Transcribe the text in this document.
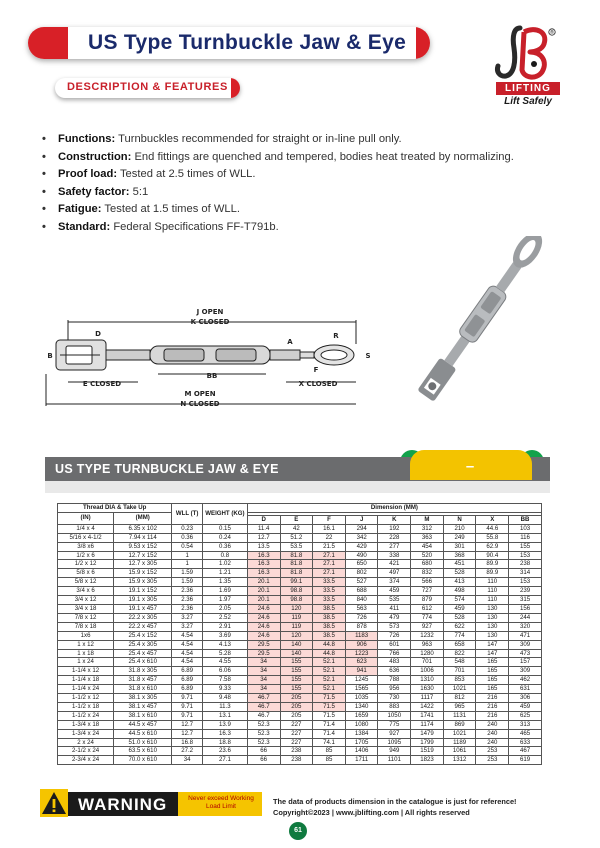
US Type Turnbuckle Jaw & Eye	®
LIFTING
Lift Safely
DESCRIPTION & FEATURES
• Functions: Turnbuckles recommended for straight or in-line pull only.
• Construction: End fittings are quenched and tempered, bodies heat treated by normalizing.
• Proof load: Tested at 2.5 times of WLL.
• Safety factor: 5:1
• Fatigue: Tested at 1.5 times of WLL.
• Standard: Federal Specifications FF-T791b.
J OPEN
K CLOSED
M OPEN
N CLOSED
E CLOSED	X CLOSED
BB
D
B
A
R
S
F
–
US TYPE TURNBUCKLE JAW & EYE
Thread DIA & Take Up		WLL (T)	WEIGHT (KG)	Dimension (MM)								
(IN)	(MM)											
				D	E	F	J	K	M	N	X	BB
1/4 x 4	6.35 x 102	0.23	0.15	11.4	42	16.1	294	192	312	210	44.6	103
5/16 x 4-1/2	7.94 x 114	0.36	0.24	12.7	51.2	22	342	228	363	249	55.8	116
3/8 x6	9.53 x 152	0.54	0.36	13.5	53.5	21.5	429	277	454	301	62.9	155
1/2 x 6	12.7 x 152	1	0.8	16.3	81.8	27.1	490	338	520	368	90.4	153
1/2 x 12	12.7 x 305	1	1.02	16.3	81.8	27.1	650	421	680	451	89.9	238
5/8 x 6	15.9 x 152	1.59	1.21	16.3	81.8	27.1	802	497	832	528	89.9	314
5/8 x 12	15.9 x 305	1.59	1.35	20.1	99.1	33.5	527	374	566	413	110	153
3/4 x 6	19.1 x 152	2.36	1.69	20.1	98.8	33.5	688	459	727	498	110	239
3/4 x 12	19.1 x 305	2.36	1.97	20.1	98.8	33.5	840	535	879	574	110	315
3/4 x 18	19.1 x 457	2.36	2.05	24.6	120	38.5	563	411	612	459	130	156
7/8 x 12	22.2 x 305	3.27	2.52	24.6	119	38.5	726	479	774	528	130	244
7/8 x 18	22.2 x 457	3.27	2.91	24.6	119	38.5	878	573	927	622	130	320
1x6	25.4 x 152	4.54	3.69	24.6	120	38.5	1183	726	1232	774	130	471
1 x 12	25.4 x 305	4.54	4.13	29.5	140	44.8	906	601	963	658	147	309
1 x 18	25.4 x 457	4.54	5.28	29.5	140	44.8	1223	766	1280	822	147	473
1 x 24	25.4 x 610	4.54	4.55	34	155	52.1	623	483	701	548	165	157
1-1/4 x 12	31.8 x 305	6.89	6.06	34	155	52.1	941	636	1006	701	165	309
1-1/4 x 18	31.8 x 457	6.89	7.58	34	155	52.1	1245	788	1310	853	165	462
1-1/4 x 24	31.8 x 610	6.89	9.33	34	155	52.1	1565	956	1630	1021	165	631
1-1/2 x 12	38.1 x 305	9.71	9.48	46.7	205	71.5	1035	730	1117	812	216	306
1-1/2 x 18	38.1 x 457	9.71	11.3	46.7	205	71.5	1340	883	1422	965	216	459
1-1/2 x 24	38.1 x 610	9.71	13.1	46.7	205	71.5	1659	1050	1741	1131	216	625
1-3/4 x 18	44.5 x 457	12.7	13.9	52.3	227	71.4	1080	775	1174	869	240	313
1-3/4 x 24	44.5 x 610	12.7	16.3	52.3	227	71.4	1384	927	1479	1021	240	465
2 x 24	51.0 x 610	16.8	18.8	52.3	227	74.1	1705	1095	1799	1189	240	633
2-1/2 x 24	63.5 x 610	27.2	23.6	66	238	85	1406	949	1519	1061	253	467
2-3/4 x 24	70.0 x 610	34	27.1	66	238	85	1711	1101	1823	1312	253	619
WARNING	Never exceed Working Load Limit
The data of products dimension in the catalogue is just for reference!
Copyright©2023 | www.jblifting.com | All rights reserved
61
